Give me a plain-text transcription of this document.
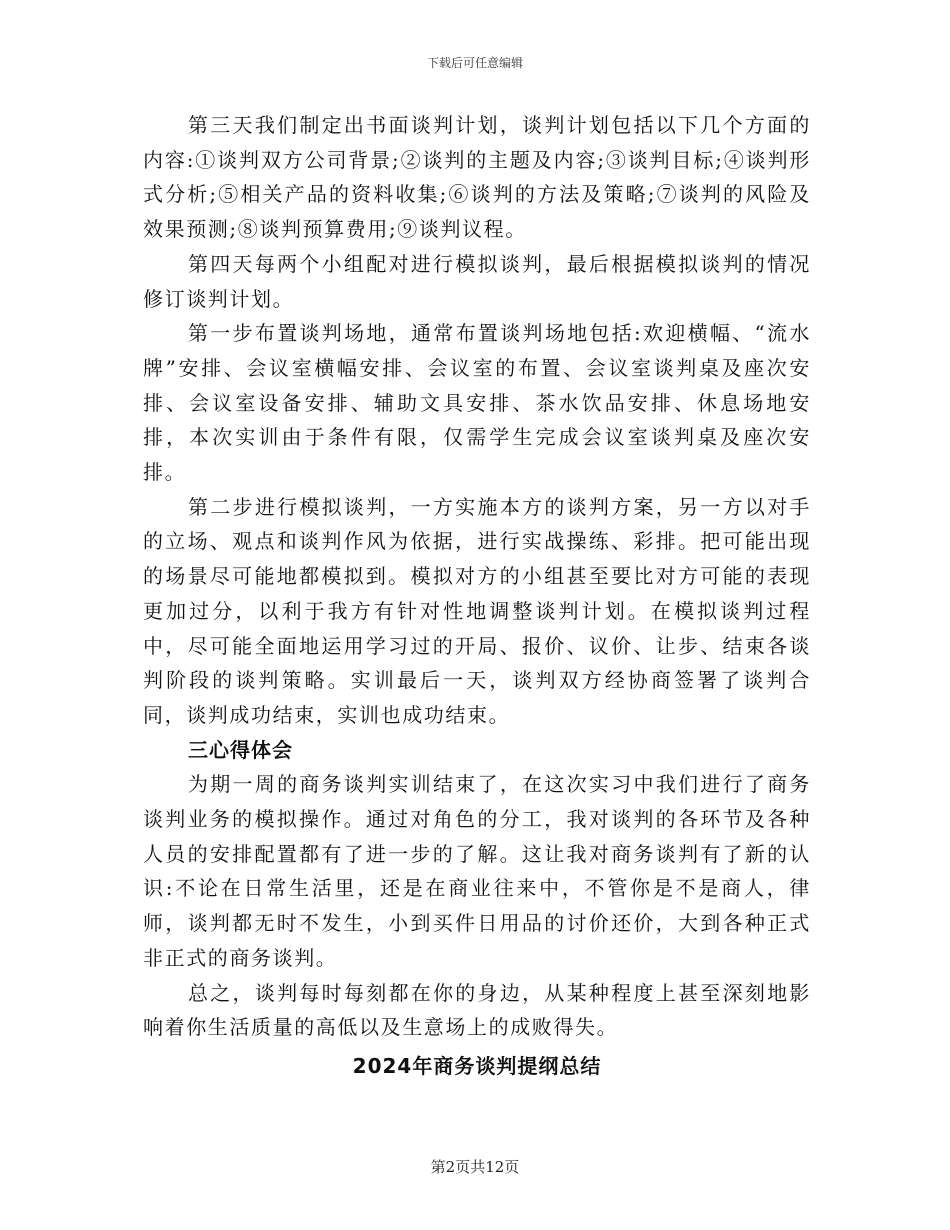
下载后可任意编辑

第三天我们制定出书面谈判计划，谈判计划包括以下几个方面的内容:①谈判双方公司背景;②谈判的主题及内容;③谈判目标;④谈判形式分析;⑤相关产品的资料收集;⑥谈判的方法及策略;⑦谈判的风险及效果预测;⑧谈判预算费用;⑨谈判议程。

第四天每两个小组配对进行模拟谈判，最后根据模拟谈判的情况修订谈判计划。

第一步布置谈判场地，通常布置谈判场地包括:欢迎横幅、“流水牌”安排、会议室横幅安排、会议室的布置、会议室谈判桌及座次安排、会议室设备安排、辅助文具安排、茶水饮品安排、休息场地安排，本次实训由于条件有限，仅需学生完成会议室谈判桌及座次安排。

第二步进行模拟谈判，一方实施本方的谈判方案，另一方以对手的立场、观点和谈判作风为依据，进行实战操练、彩排。把可能出现的场景尽可能地都模拟到。模拟对方的小组甚至要比对方可能的表现更加过分，以利于我方有针对性地调整谈判计划。在模拟谈判过程中，尽可能全面地运用学习过的开局、报价、议价、让步、结束各谈判阶段的谈判策略。实训最后一天，谈判双方经协商签署了谈判合同，谈判成功结束，实训也成功结束。

三心得体会

为期一周的商务谈判实训结束了，在这次实习中我们进行了商务谈判业务的模拟操作。通过对角色的分工，我对谈判的各环节及各种人员的安排配置都有了进一步的了解。这让我对商务谈判有了新的认识:不论在日常生活里，还是在商业往来中，不管你是不是商人，律师，谈判都无时不发生，小到买件日用品的讨价还价，大到各种正式非正式的商务谈判。

总之，谈判每时每刻都在你的身边，从某种程度上甚至深刻地影响着你生活质量的高低以及生意场上的成败得失。

2024年商务谈判提纲总结

第2页共12页
